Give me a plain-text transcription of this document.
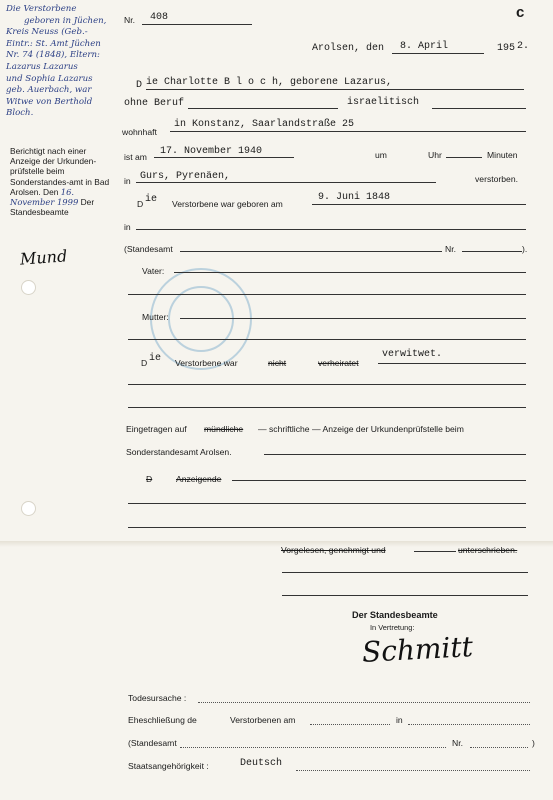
c
Die Verstorbene
geboren in Jüchen,
Kreis Neuss (Geb.-
Eintr.: St. Amt Jüchen
Nr. 74 (1848), Eltern:
Lazarus Lazarus
und Sophia Lazarus
geb. Auerbach, war
Witwe von Berthold
Bloch.
Berichtigt nach einer Anzeige der Urkunden-prüfstelle beim Sonderstandes-amt in Bad Arolsen. Den 16. November 1999 Der Standesbeamte
Mund
Nr. 408
Arolsen, den 8. April	195 2.
D ie Charlotte B l o c h, geborene Lazarus,
ohne Beruf	israelitisch
wohnhaft
in Konstanz, Saarlandstraße 25
ist am 17. November 1940	um	Uhr	Minuten
in Gurs, Pyrenäen,	verstorben.
D ie Verstorbene war geboren am
9. Juni 1848
in
(Standesamt	Nr.	).
Vater:
Mutter:
D ie Verstorbene war	nicht	verheiratet
verwitwet.
Eingetragen auf mündliche — schriftliche — Anzeige der Urkundenprüfstelle beim
Sonderstandesamt Arolsen.
D	Anzeigende
Vorgelesen, genehmigt und	unterschrieben.
Der Standesbeamte
In Vertretung:
Schmitt
Todesursache :
Eheschließung de	Verstorbenen am	in
(Standesamt	Nr.	)
Staatsangehörigkeit :	Deutsch
